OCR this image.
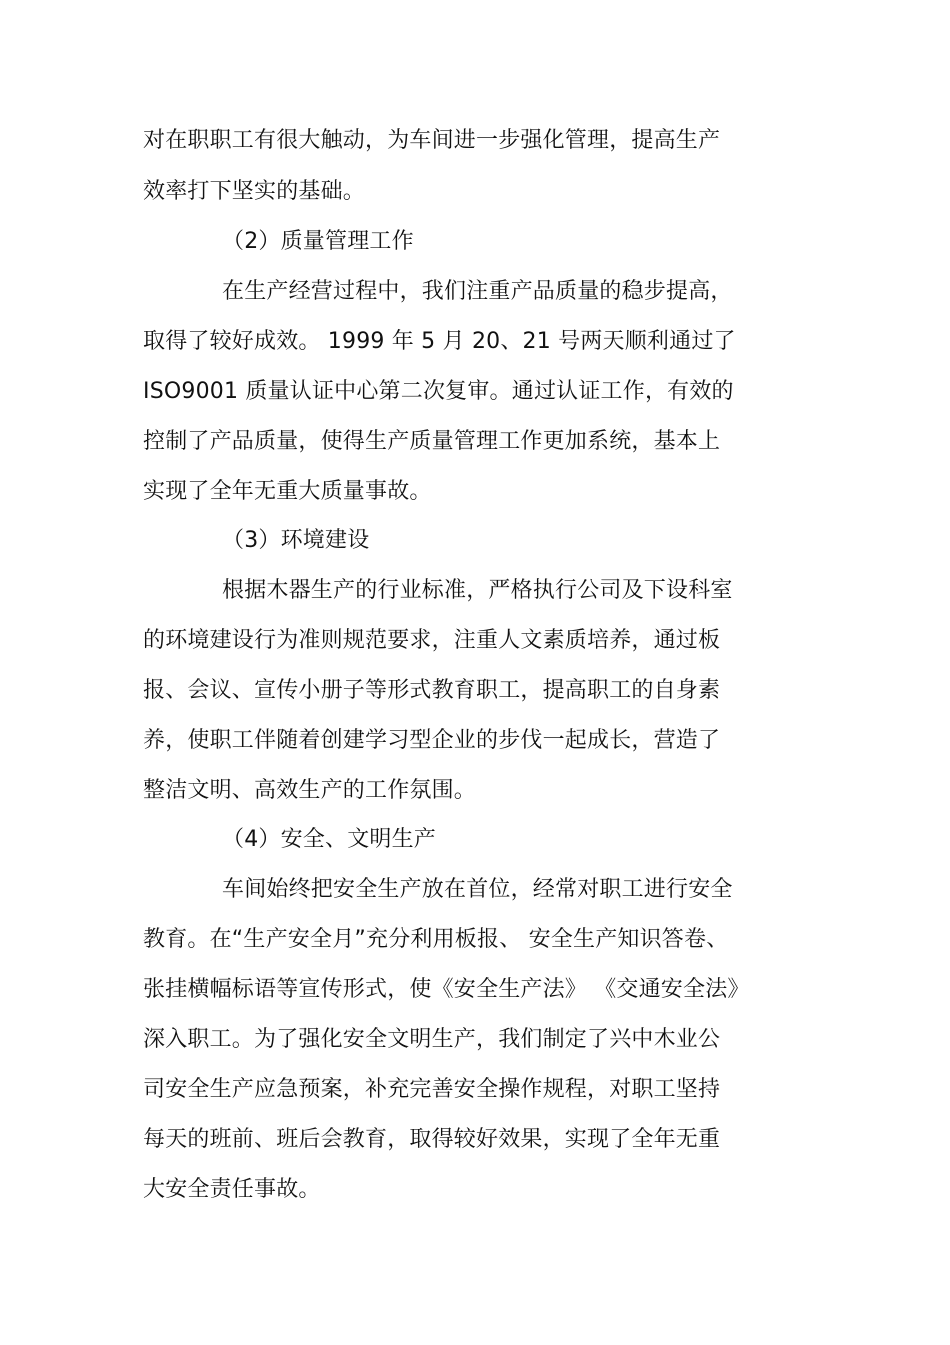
对在职职工有很大触动，为车间进一步强化管理，提高生产
效率打下坚实的基础。
（2）质量管理工作
在生产经营过程中，我们注重产品质量的稳步提高，
取得了较好成效。 1999 年 5 月 20、21 号两天顺利通过了
ISO9001 质量认证中心第二次复审。通过认证工作，有效的
控制了产品质量，使得生产质量管理工作更加系统，基本上
实现了全年无重大质量事故。
（3）环境建设
根据木器生产的行业标准，严格执行公司及下设科室
的环境建设行为准则规范要求，注重人文素质培养，通过板
报、会议、宣传小册子等形式教育职工，提高职工的自身素
养，使职工伴随着创建学习型企业的步伐一起成长，营造了
整洁文明、高效生产的工作氛围。
（4）安全、文明生产
车间始终把安全生产放在首位，经常对职工进行安全
教育。在“生产安全月”充分利用板报、 安全生产知识答卷、
张挂横幅标语等宣传形式，使《安全生产法》 《交通安全法》
深入职工。为了强化安全文明生产，我们制定了兴中木业公
司安全生产应急预案，补充完善安全操作规程，对职工坚持
每天的班前、班后会教育，取得较好效果，实现了全年无重
大安全责任事故。
